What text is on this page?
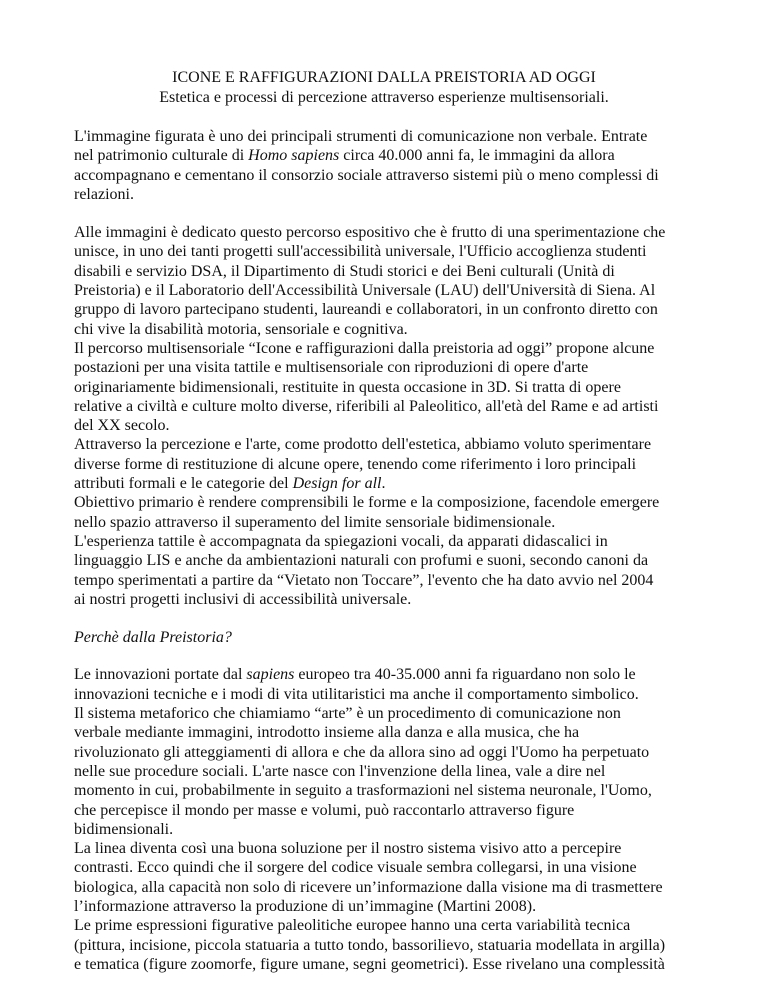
ICONE E RAFFIGURAZIONI DALLA PREISTORIA AD OGGI
Estetica e processi di percezione attraverso esperienze multisensoriali.

L'immagine figurata è uno dei principali strumenti di comunicazione non verbale. Entrate
nel patrimonio culturale di Homo sapiens circa 40.000 anni fa, le immagini da allora
accompagnano e cementano il consorzio sociale attraverso sistemi più o meno complessi di
relazioni.

Alle immagini è dedicato questo percorso espositivo che è frutto di una sperimentazione che
unisce, in uno dei tanti progetti sull'accessibilità universale, l'Ufficio accoglienza studenti
disabili e servizio DSA, il Dipartimento di Studi storici e dei Beni culturali (Unità di
Preistoria) e il Laboratorio dell'Accessibilità Universale (LAU) dell'Università di Siena. Al
gruppo di lavoro partecipano studenti, laureandi e collaboratori, in un confronto diretto con
chi vive la disabilità motoria, sensoriale e cognitiva.
Il percorso multisensoriale “Icone e raffigurazioni dalla preistoria ad oggi” propone alcune
postazioni per una visita tattile e multisensoriale con riproduzioni di opere d'arte
originariamente bidimensionali, restituite in questa occasione in 3D. Si tratta di opere
relative a civiltà e culture molto diverse, riferibili al Paleolitico, all'età del Rame e ad artisti
del XX secolo.
Attraverso la percezione e l'arte, come prodotto dell'estetica, abbiamo voluto sperimentare
diverse forme di restituzione di alcune opere, tenendo come riferimento i loro principali
attributi formali e le categorie del Design for all.
Obiettivo primario è rendere comprensibili le forme e la composizione, facendole emergere
nello spazio attraverso il superamento del limite sensoriale bidimensionale.
L'esperienza tattile è accompagnata da spiegazioni vocali, da apparati didascalici in
linguaggio LIS e anche da ambientazioni naturali con profumi e suoni, secondo canoni da
tempo sperimentati a partire da “Vietato non Toccare”, l'evento che ha dato avvio nel 2004
ai nostri progetti inclusivi di accessibilità universale.

Perchè dalla Preistoria?

Le innovazioni portate dal sapiens europeo tra 40-35.000 anni fa riguardano non solo le
innovazioni tecniche e i modi di vita utilitaristici ma anche il comportamento simbolico.
Il sistema metaforico che chiamiamo “arte” è un procedimento di comunicazione non
verbale mediante immagini, introdotto insieme alla danza e alla musica, che ha
rivoluzionato gli atteggiamenti di allora e che da allora sino ad oggi l'Uomo ha perpetuato
nelle sue procedure sociali. L'arte nasce con l'invenzione della linea, vale a dire nel
momento in cui, probabilmente in seguito a trasformazioni nel sistema neuronale, l'Uomo,
che percepisce il mondo per masse e volumi, può raccontarlo attraverso figure
bidimensionali.
La linea diventa così una buona soluzione per il nostro sistema visivo atto a percepire
contrasti. Ecco quindi che il sorgere del codice visuale sembra collegarsi, in una visione
biologica, alla capacità non solo di ricevere un’informazione dalla visione ma di trasmettere
l’informazione attraverso la produzione di un’immagine (Martini 2008).
Le prime espressioni figurative paleolitiche europee hanno una certa variabilità tecnica
(pittura, incisione, piccola statuaria a tutto tondo, bassorilievo, statuaria modellata in argilla)
e tematica (figure zoomorfe, figure umane, segni geometrici). Esse rivelano una complessità
